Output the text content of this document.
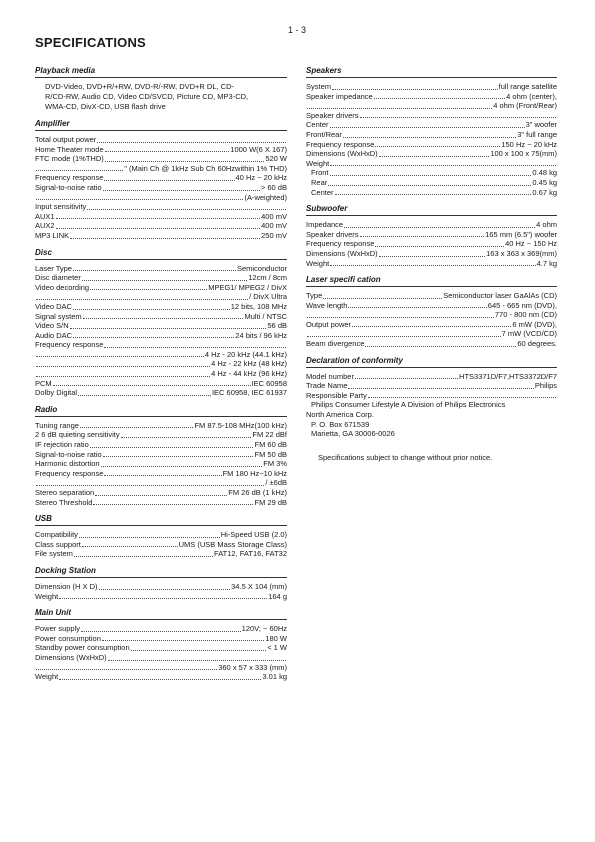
1 - 3
SPECIFICATIONS
Playback media
DVD-Video, DVD+R/+RW, DVD-R/-RW, DVD+R DL, CD-
R/CD-RW, Audio CD, Video CD/SVCD, Picture CD, MP3-CD,
WMA-CD, DivX-CD, USB flash drive
Amplifier
Total output power
Home Theater mode	1000 W(6 X 167)
FTC mode (1%THD)	520 W
" (Main Ch @ 1kHz Sub Ch 60Hzwithin 1% THD)
Frequency response	40 Hz ~ 20 kHz
Signal-to-noise ratio	> 60 dB
(A-weighted)
Input sensitivity
AUX1	400 mV
AUX2	400 mV
MP3 LINK	250 mV
Disc
Laser Type	Semiconductor
Disc diameter	12cm / 8cm
Video decording	MPEG1/ MPEG2 / DivX
/ DivX Ultra
Video DAC	12 bits, 108 MHz
Signal system	Multi / NTSC
Video S/N	56 dB
Audio DAC	24 bits / 96 kHz
Frequency response
4 Hz - 20 kHz (44.1 kHz)
4 Hz - 22 kHz (48 kHz)
4 Hz - 44 kHz (96 kHz)
PCM	IEC 60958
Dolby Digital	IEC 60958, IEC 61937
Radio
Tuning range	FM 87.5-108 MHz(100 kHz)
2 6 dB quieting sensitivity	FM 22 dBf
IF rejection ratio	FM 60 dB
Signal-to-noise ratio	FM 50 dB
Harmonic distortion	FM 3%
Frequency response	FM 180 Hz~10 kHz
/ ±6dB
Stereo separation	FM 26 dB (1 kHz)
Stereo Threshold	FM 29 dB
USB
Compatibility	Hi-Speed USB (2.0)
Class support	UMS (USB Mass Storage Class)
File system	FAT12, FAT16, FAT32
Docking Station
Dimension (H X D)	34.5 X 104 (mm)
Weight	164 g
Main Unit
Power supply	120V; ~ 60Hz
Power consumption	180 W
Standby power consumption	< 1 W
Dimensions (WxHxD)
360 x 57 x 333 (mm)
Weight	3.01 kg
Speakers
System	full range satellite
Speaker impedance	4 ohm (center),
4 ohm (Front/Rear)
Speaker drivers
Center	3" woofer
Front/Rear	3" full range
Frequency response	150 Hz ~ 20 kHz
Dimensions (WxHxD)	100 x 100 x 75(mm)
Weight
Front	0.48 kg
Rear	0.45 kg
Center	0.67 kg
Subwoofer
Impedance	4 ohm
Speaker drivers	165 mm (6.5") woofer
Frequency response	40 Hz ~ 150 Hz
Dimensions (WxHxD)	163 x 363 x 369(mm)
Weight	4.7 kg
Laser specifi cation
Type	Semiconductor laser GaAlAs (CD)
Wave length	645 - 665 nm (DVD),
770 - 800 nm (CD)
Output power	6 mW (DVD),
7 mW (VCD/CD)
Beam divergence	60 degrees.
Declaration of conformity
Model number	HTS3371D/F7,HTS3372D/F7
Trade Name	Philips
Responsible Party
Philips Consumer Lifestyle A Division of Philips Electronics
North America Corp.
P. O. Box 671539
Marietta, GA 30006-0026
Specifications subject to change without prior notice.
